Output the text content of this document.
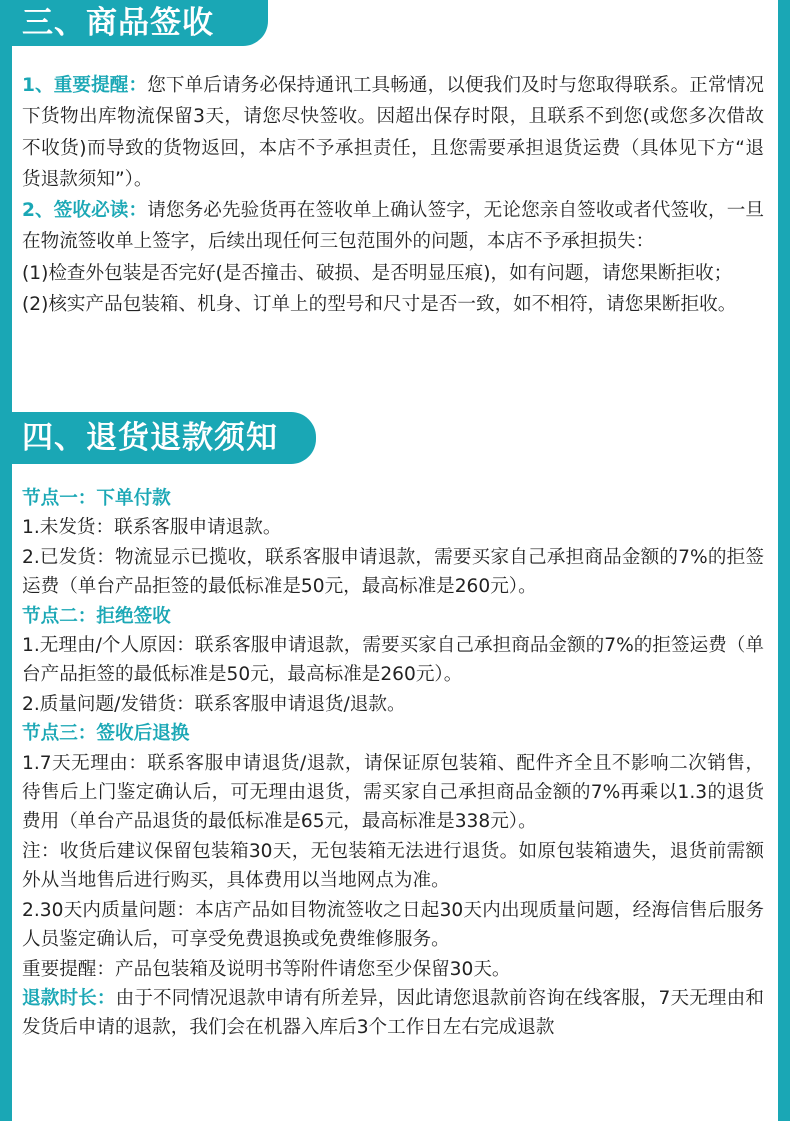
三、商品签收

1、重要提醒：您下单后请务必保持通讯工具畅通，以便我们及时与您取得联系。正常情况下货物出库物流保留3天，请您尽快签收。因超出保存时限，且联系不到您(或您多次借故不收货)而导致的货物返回，本店不予承担责任，且您需要承担退货运费（具体见下方“退货退款须知”）。

2、签收必读：请您务必先验货再在签收单上确认签字，无论您亲自签收或者代签收，一旦在物流签收单上签字，后续出现任何三包范围外的问题，本店不予承担损失：

(1)检查外包装是否完好(是否撞击、破损、是否明显压痕)，如有问题，请您果断拒收；

(2)核实产品包装箱、机身、订单上的型号和尺寸是否一致，如不相符，请您果断拒收。

四、退货退款须知

节点一：下单付款

1.未发货：联系客服申请退款。

2.已发货：物流显示已揽收，联系客服申请退款，需要买家自己承担商品金额的7%的拒签运费（单台产品拒签的最低标准是50元，最高标准是260元）。

节点二：拒绝签收

1.无理由/个人原因：联系客服申请退款，需要买家自己承担商品金额的7%的拒签运费（单台产品拒签的最低标准是50元，最高标准是260元）。

2.质量问题/发错货：联系客服申请退货/退款。

节点三：签收后退换

1.7天无理由：联系客服申请退货/退款，请保证原包装箱、配件齐全且不影响二次销售，待售后上门鉴定确认后，可无理由退货，需买家自己承担商品金额的7%再乘以1.3的退货费用（单台产品退货的最低标准是65元，最高标准是338元）。

注：收货后建议保留包装箱30天，无包装箱无法进行退货。如原包装箱遗失，退货前需额外从当地售后进行购买，具体费用以当地网点为准。

2.30天内质量问题：本店产品如目物流签收之日起30天内出现质量问题，经海信售后服务人员鉴定确认后，可享受免费退换或免费维修服务。

重要提醒：产品包装箱及说明书等附件请您至少保留30天。

退款时长：由于不同情况退款申请有所差异，因此请您退款前咨询在线客服，7天无理由和发货后申请的退款，我们会在机器入库后3个工作日左右完成退款
